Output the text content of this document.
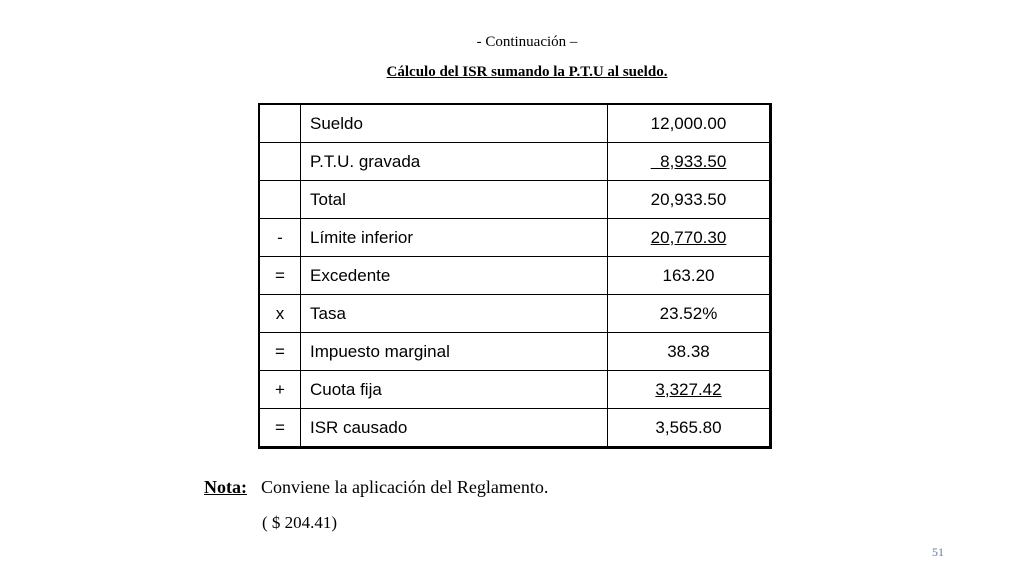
- Continuación –
Cálculo del ISR sumando la P.T.U al sueldo.
	Sueldo	12,000.00
	P.T.U. gravada	8,933.50
	Total	20,933.50
-	Límite inferior	20,770.30
=	Excedente	163.20
x	Tasa	23.52%
=	Impuesto marginal	38.38
+	Cuota fija	3,327.42
=	ISR causado	3,565.80
Nota: Conviene la aplicación del Reglamento.
( $ 204.41)
51
